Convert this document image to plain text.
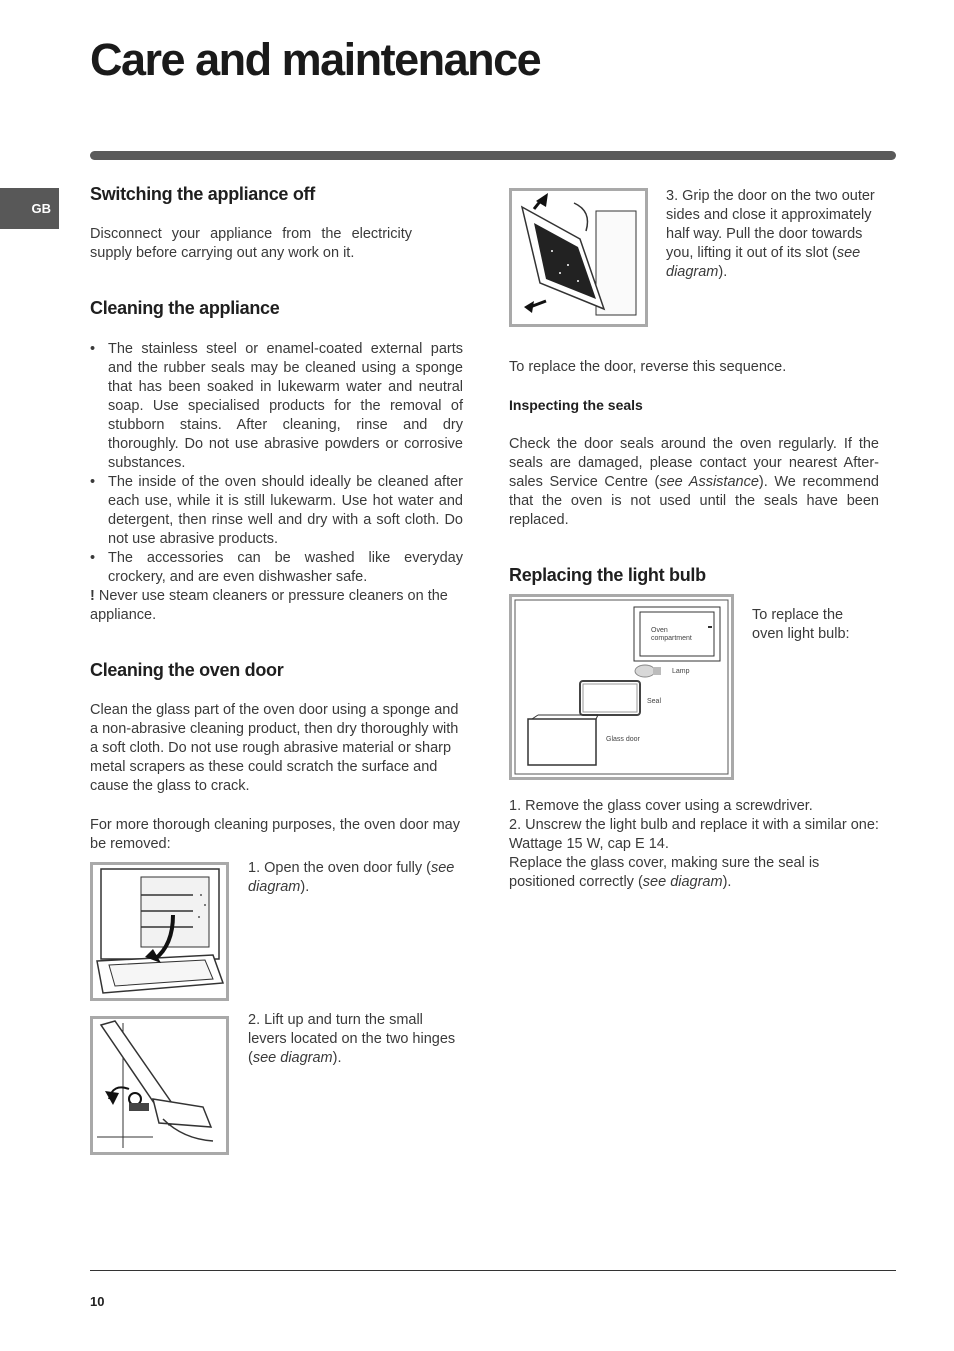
Care and maintenance
GB
Switching the appliance off

Disconnect your appliance from the electricity supply before carrying out any work on it.

Cleaning the appliance
• The stainless steel or enamel-coated external parts and the rubber seals may be cleaned using a sponge that has been soaked in lukewarm water and neutral soap. Use specialised products for the removal of stubborn stains. After cleaning, rinse and dry thoroughly. Do not use abrasive powders or corrosive substances.
• The inside of the oven should ideally be cleaned after each use, while it is still lukewarm. Use hot water and detergent, then rinse well and dry with a soft cloth. Do not use abrasive products.
• The accessories can be washed like everyday crockery, and are even dishwasher safe.

! Never use steam cleaners or pressure cleaners on the appliance.

Cleaning the oven door

Clean the glass part of the oven door using a sponge and a non-abrasive cleaning product, then dry thoroughly with a soft cloth. Do not use rough abrasive material or sharp metal scrapers as these could scratch the surface and cause the glass to crack.

For more thorough cleaning purposes, the oven door may be removed:

1. Open the oven door fully (see diagram).

2. Lift up and turn the small levers located on the two hinges (see diagram).

3. Grip the door on the two outer sides and close it approximately half way. Pull the door towards you, lifting it out of its slot (see diagram).

To replace the door, reverse this sequence.

Inspecting the seals

Check the door seals around the oven regularly. If the seals are damaged, please contact your nearest After-sales Service Centre (see Assistance). We recommend that the oven is not used until the seals have been replaced.

Replacing the light bulb
Oven
compartment
Lamp
Seal
Glass door

To replace the oven light bulb:

1. Remove the glass cover using a screwdriver.

2. Unscrew the light bulb and replace it with a similar one: Wattage 15 W, cap E 14.

Replace the glass cover, making sure the seal is positioned correctly (see diagram).

10
